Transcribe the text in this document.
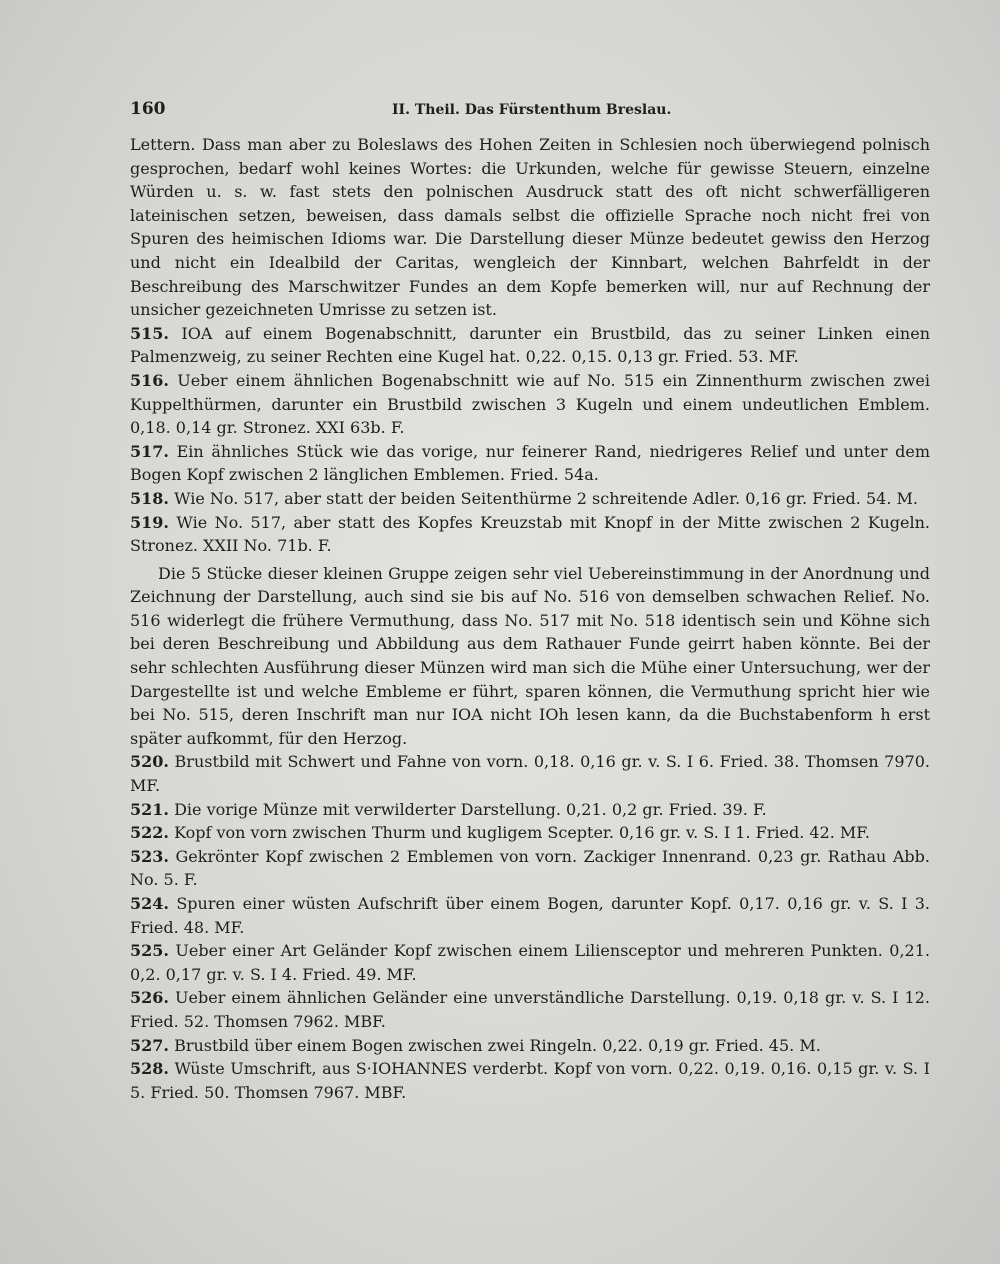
160	II. Theil. Das Fürstenthum Breslau.

Lettern. Dass man aber zu Boleslaws des Hohen Zeiten in Schlesien noch überwiegend polnisch gesprochen, bedarf wohl keines Wortes: die Urkunden, welche für gewisse Steuern, einzelne Würden u. s. w. fast stets den polnischen Ausdruck statt des oft nicht schwerfälligeren lateinischen setzen, beweisen, dass damals selbst die offizielle Sprache noch nicht frei von Spuren des heimischen Idioms war. Die Darstellung dieser Münze bedeutet gewiss den Herzog und nicht ein Idealbild der Caritas, wengleich der Kinnbart, welchen Bahrfeldt in der Beschreibung des Marschwitzer Fundes an dem Kopfe bemerken will, nur auf Rechnung der unsicher gezeichneten Umrisse zu setzen ist.

515. IOA auf einem Bogenabschnitt, darunter ein Brustbild, das zu seiner Linken einen Palmenzweig, zu seiner Rechten eine Kugel hat. 0,22. 0,15. 0,13 gr. Fried. 53. MF.

516. Ueber einem ähnlichen Bogenabschnitt wie auf No. 515 ein Zinnenthurm zwischen zwei Kuppelthürmen, darunter ein Brustbild zwischen 3 Kugeln und einem undeutlichen Emblem. 0,18. 0,14 gr. Stronez. XXI 63b. F.

517. Ein ähnliches Stück wie das vorige, nur feinerer Rand, niedrigeres Relief und unter dem Bogen Kopf zwischen 2 länglichen Emblemen. Fried. 54a.

518. Wie No. 517, aber statt der beiden Seitenthürme 2 schreitende Adler. 0,16 gr. Fried. 54. M.

519. Wie No. 517, aber statt des Kopfes Kreuzstab mit Knopf in der Mitte zwischen 2 Kugeln. Stronez. XXII No. 71b. F.

Die 5 Stücke dieser kleinen Gruppe zeigen sehr viel Uebereinstimmung in der Anordnung und Zeichnung der Darstellung, auch sind sie bis auf No. 516 von demselben schwachen Relief. No. 516 widerlegt die frühere Vermuthung, dass No. 517 mit No. 518 identisch sein und Köhne sich bei deren Beschreibung und Abbildung aus dem Rathauer Funde geirrt haben könnte. Bei der sehr schlechten Ausführung dieser Münzen wird man sich die Mühe einer Untersuchung, wer der Dargestellte ist und welche Embleme er führt, sparen können, die Vermuthung spricht hier wie bei No. 515, deren Inschrift man nur IOA nicht IOh lesen kann, da die Buchstabenform h erst später aufkommt, für den Herzog.

520. Brustbild mit Schwert und Fahne von vorn. 0,18. 0,16 gr. v. S. I 6. Fried. 38. Thomsen 7970. MF.

521. Die vorige Münze mit verwilderter Darstellung. 0,21. 0,2 gr. Fried. 39. F.

522. Kopf von vorn zwischen Thurm und kugligem Scepter. 0,16 gr. v. S. I 1. Fried. 42. MF.

523. Gekrönter Kopf zwischen 2 Emblemen von vorn. Zackiger Innenrand. 0,23 gr. Rathau Abb. No. 5. F.

524. Spuren einer wüsten Aufschrift über einem Bogen, darunter Kopf. 0,17. 0,16 gr. v. S. I 3. Fried. 48. MF.

525. Ueber einer Art Geländer Kopf zwischen einem Liliensceptor und mehreren Punkten. 0,21. 0,2. 0,17 gr. v. S. I 4. Fried. 49. MF.

526. Ueber einem ähnlichen Geländer eine unverständliche Darstellung. 0,19. 0,18 gr. v. S. I 12. Fried. 52. Thomsen 7962. MBF.

527. Brustbild über einem Bogen zwischen zwei Ringeln. 0,22. 0,19 gr. Fried. 45. M.

528. Wüste Umschrift, aus S·IOHANNES verderbt. Kopf von vorn. 0,22. 0,19. 0,16. 0,15 gr. v. S. I 5. Fried. 50. Thomsen 7967. MBF.
